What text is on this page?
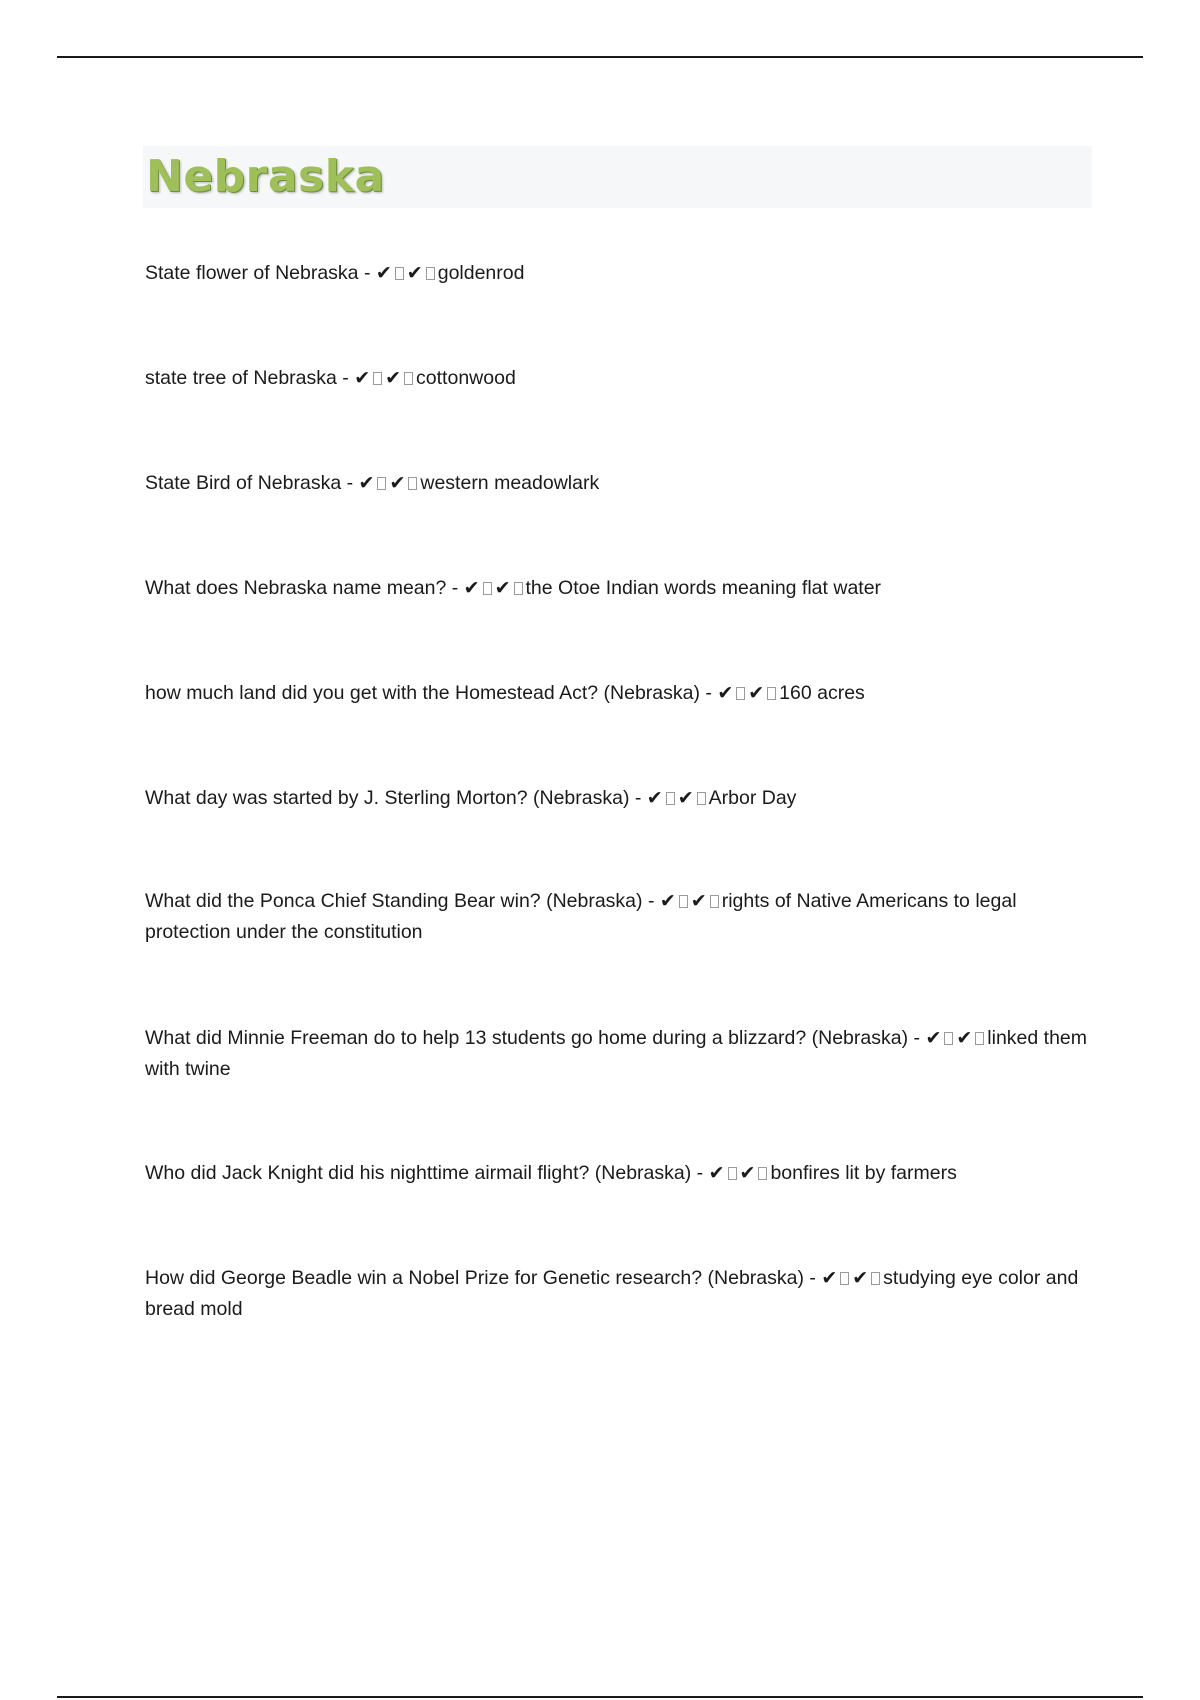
Nebraska
State flower of Nebraska - ✔ ✔ goldenrod
state tree of Nebraska - ✔ ✔ cottonwood
State Bird of Nebraska - ✔ ✔ western meadowlark
What does Nebraska name mean? - ✔ ✔ the Otoe Indian words meaning flat water
how much land did you get with the Homestead Act? (Nebraska) - ✔ ✔ 160 acres
What day was started by J. Sterling Morton? (Nebraska) - ✔ ✔ Arbor Day
What did the Ponca Chief Standing Bear win? (Nebraska) - ✔ ✔ rights of Native Americans to legal protection under the constitution
What did Minnie Freeman do to help 13 students go home during a blizzard? (Nebraska) - ✔ ✔ linked them with twine
Who did Jack Knight did his nighttime airmail flight? (Nebraska) - ✔ ✔ bonfires lit by farmers
How did George Beadle win a Nobel Prize for Genetic research? (Nebraska) - ✔ ✔ studying eye color and bread mold
